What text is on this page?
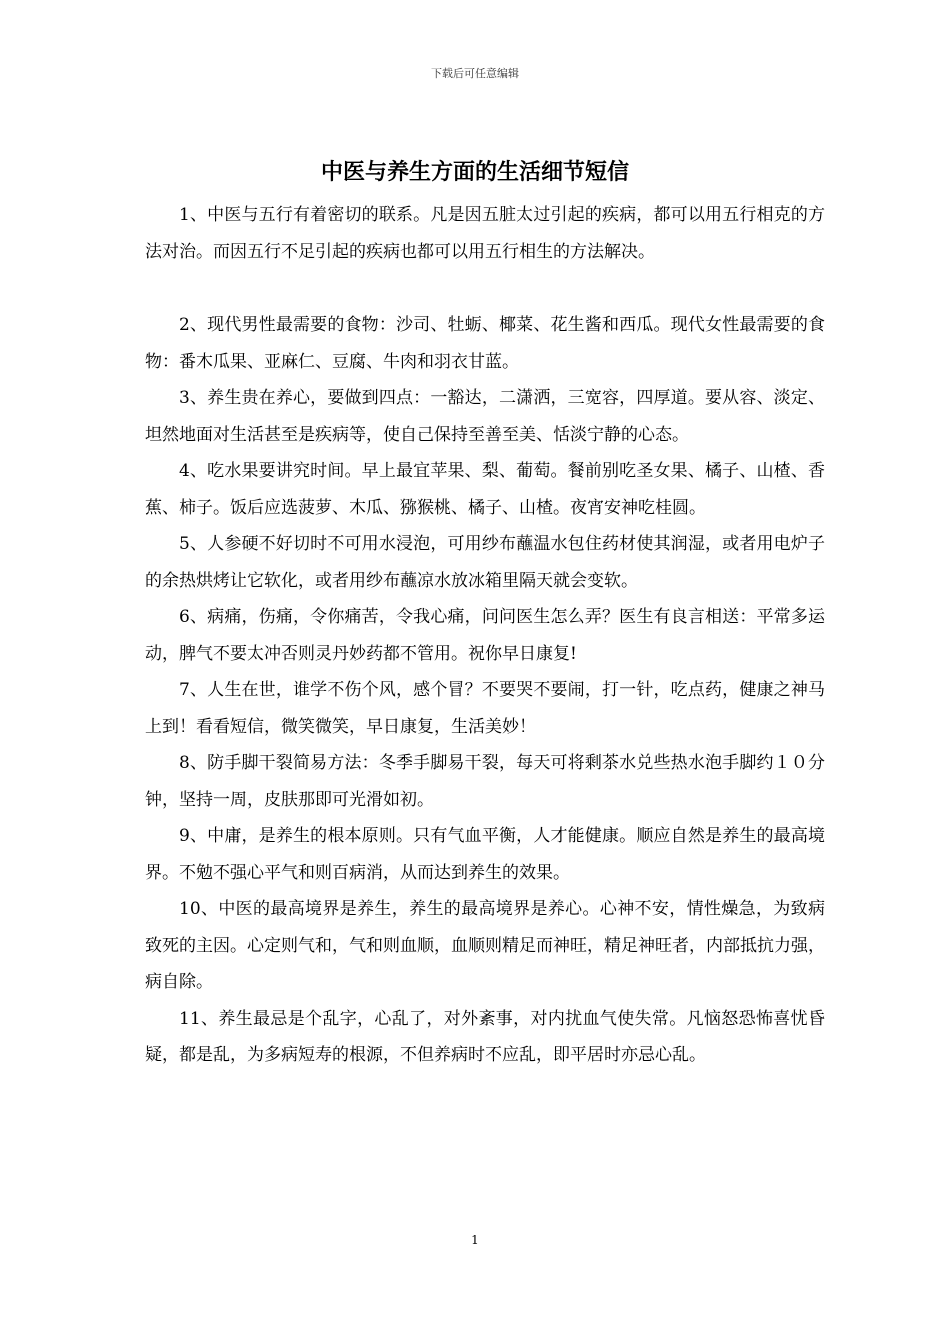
下载后可任意编辑
中医与养生方面的生活细节短信

1、中医与五行有着密切的联系。凡是因五脏太过引起的疾病，都可以用五行相克的方法对治。而因五行不足引起的疾病也都可以用五行相生的方法解决。

2、现代男性最需要的食物：沙司、牡蛎、椰菜、花生酱和西瓜。现代女性最需要的食物：番木瓜果、亚麻仁、豆腐、牛肉和羽衣甘蓝。

3、养生贵在养心，要做到四点：一豁达，二潇洒，三宽容，四厚道。要从容、淡定、坦然地面对生活甚至是疾病等，使自己保持至善至美、恬淡宁静的心态。

4、吃水果要讲究时间。早上最宜苹果、梨、葡萄。餐前别吃圣女果、橘子、山楂、香蕉、柿子。饭后应选菠萝、木瓜、猕猴桃、橘子、山楂。夜宵安神吃桂圆。

5、人参硬不好切时不可用水浸泡，可用纱布蘸温水包住药材使其润湿，或者用电炉子的余热烘烤让它软化，或者用纱布蘸凉水放冰箱里隔天就会变软。

6、病痛，伤痛，令你痛苦，令我心痛，问问医生怎么弄？医生有良言相送：平常多运动，脾气不要太冲否则灵丹妙药都不管用。祝你早日康复!

7、人生在世，谁学不伤个风，感个冒？不要哭不要闹，打一针，吃点药，健康之神马上到！看看短信，微笑微笑，早日康复，生活美妙！

8、防手脚干裂简易方法：冬季手脚易干裂，每天可将剩茶水兑些热水泡手脚约１０分钟，坚持一周，皮肤那即可光滑如初。

9、中庸，是养生的根本原则。只有气血平衡，人才能健康。顺应自然是养生的最高境界。不勉不强心平气和则百病消，从而达到养生的效果。

10、中医的最高境界是养生，养生的最高境界是养心。心神不安，情性燥急，为致病致死的主因。心定则气和，气和则血顺，血顺则精足而神旺，精足神旺者，内部抵抗力强，病自除。

11、养生最忌是个乱字，心乱了，对外紊事，对内扰血气使失常。凡恼怒恐怖喜忧昏疑，都是乱，为多病短寿的根源，不但养病时不应乱，即平居时亦忌心乱。

1
